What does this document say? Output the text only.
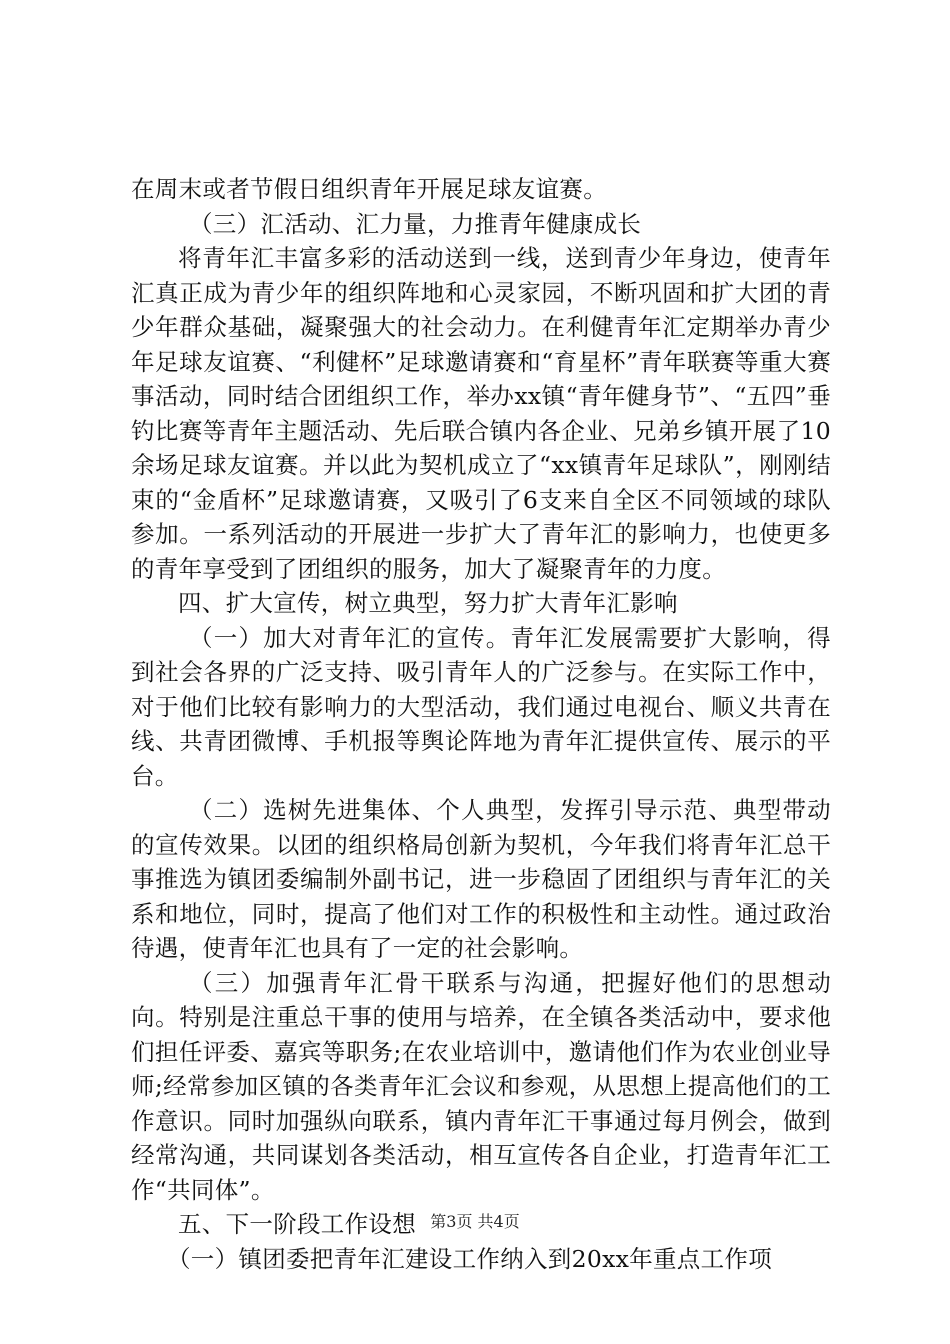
在周末或者节假日组织青年开展足球友谊赛。

（三）汇活动、汇力量，力推青年健康成长

将青年汇丰富多彩的活动送到一线，送到青少年身边，使青年汇真正成为青少年的组织阵地和心灵家园，不断巩固和扩大团的青少年群众基础，凝聚强大的社会动力。在利健青年汇定期举办青少年足球友谊赛、“利健杯”足球邀请赛和“育星杯”青年联赛等重大赛事活动，同时结合团组织工作，举办xx镇“青年健身节”、“五四”垂钓比赛等青年主题活动、先后联合镇内各企业、兄弟乡镇开展了10余场足球友谊赛。并以此为契机成立了“xx镇青年足球队”，刚刚结束的“金盾杯”足球邀请赛，又吸引了6支来自全区不同领域的球队参加。一系列活动的开展进一步扩大了青年汇的影响力，也使更多的青年享受到了团组织的服务，加大了凝聚青年的力度。

四、扩大宣传，树立典型，努力扩大青年汇影响

（一）加大对青年汇的宣传。青年汇发展需要扩大影响，得到社会各界的广泛支持、吸引青年人的广泛参与。在实际工作中，对于他们比较有影响力的大型活动，我们通过电视台、顺义共青在线、共青团微博、手机报等舆论阵地为青年汇提供宣传、展示的平台。

（二）选树先进集体、个人典型，发挥引导示范、典型带动的宣传效果。以团的组织格局创新为契机，今年我们将青年汇总干事推选为镇团委编制外副书记，进一步稳固了团组织与青年汇的关系和地位，同时，提高了他们对工作的积极性和主动性。通过政治待遇，使青年汇也具有了一定的社会影响。

（三）加强青年汇骨干联系与沟通，把握好他们的思想动向。特别是注重总干事的使用与培养，在全镇各类活动中，要求他们担任评委、嘉宾等职务;在农业培训中，邀请他们作为农业创业导师;经常参加区镇的各类青年汇会议和参观，从思想上提高他们的工作意识。同时加强纵向联系，镇内青年汇干事通过每月例会，做到经常沟通，共同谋划各类活动，相互宣传各自企业，打造青年汇工作“共同体”。

五、下一阶段工作设想

（一）镇团委把青年汇建设工作纳入到20xx年重点工作项

第3页 共4页
